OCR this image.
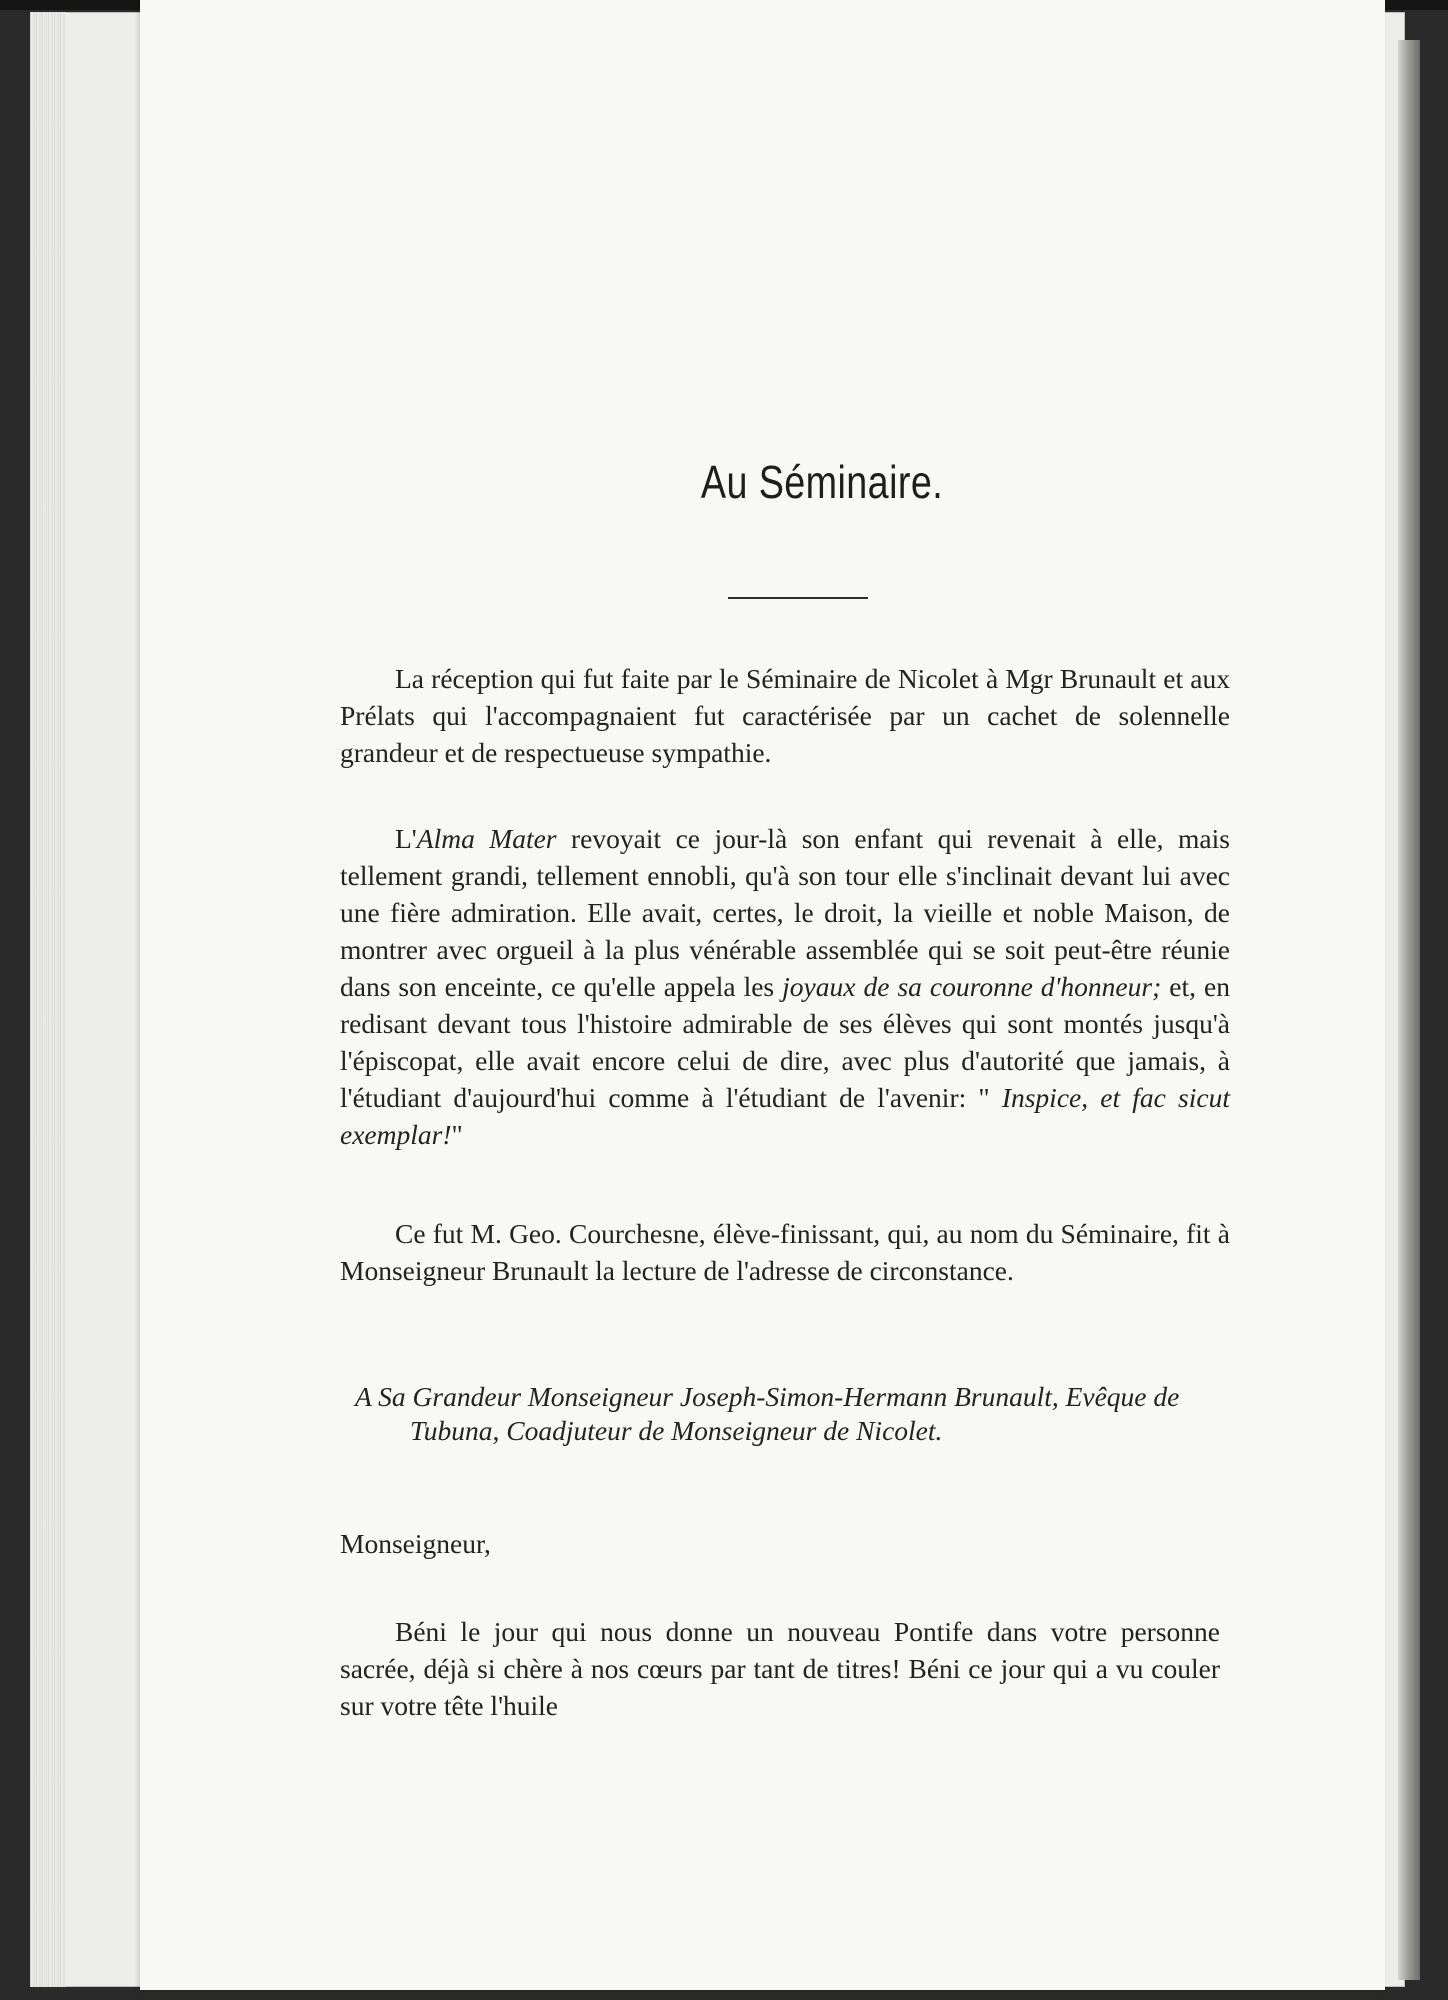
Au Séminaire.

La réception qui fut faite par le Séminaire de Nicolet à Mgr Brunault et aux Prélats qui l'accompagnaient fut caractérisée par un cachet de solennelle grandeur et de respectueuse sympathie.

L'Alma Mater revoyait ce jour-là son enfant qui revenait à elle, mais tellement grandi, tellement ennobli, qu'à son tour elle s'inclinait devant lui avec une fière admiration. Elle avait, certes, le droit, la vieille et noble Maison, de montrer avec orgueil à la plus vénérable assemblée qui se soit peut-être réunie dans son enceinte, ce qu'elle appela les joyaux de sa couronne d'honneur; et, en redisant devant tous l'histoire admirable de ses élèves qui sont montés jusqu'à l'épiscopat, elle avait encore celui de dire, avec plus d'autorité que jamais, à l'étudiant d'aujourd'hui comme à l'étudiant de l'avenir: " Inspice, et fac sicut exemplar!"

Ce fut M. Geo. Courchesne, élève-finissant, qui, au nom du Séminaire, fit à Monseigneur Brunault la lecture de l'adresse de circonstance.

A Sa Grandeur Monseigneur Joseph-Simon-Hermann Brunault, Evêque de Tubuna, Coadjuteur de Monseigneur de Nicolet.

Monseigneur,

Béni le jour qui nous donne un nouveau Pontife dans votre personne sacrée, déjà si chère à nos cœurs par tant de titres! Béni ce jour qui a vu couler sur votre tête l'huile
